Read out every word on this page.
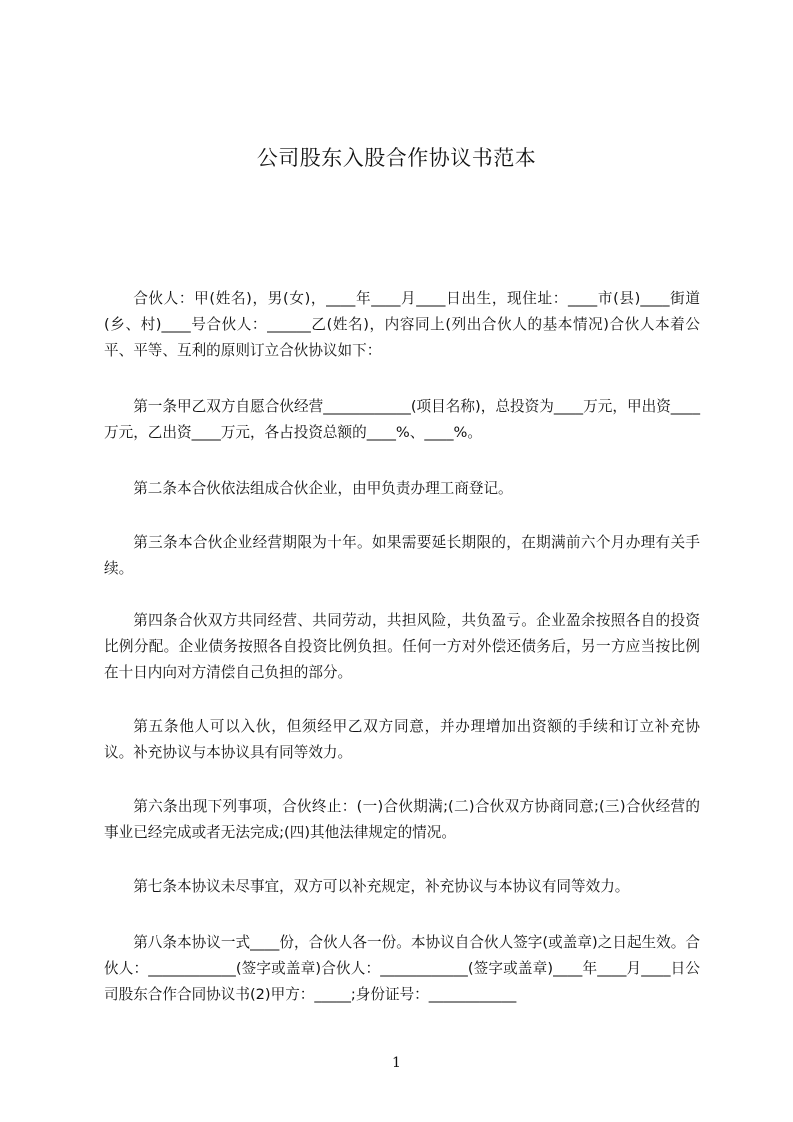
公司股东入股合作协议书范本

合伙人：甲(姓名)，男(女)，____年____月____日出生，现住址：____市(县)____街道(乡、村)____号合伙人：______乙(姓名)，内容同上(列出合伙人的基本情况)合伙人本着公平、平等、互利的原则订立合伙协议如下：

第一条甲乙双方自愿合伙经营____________(项目名称)，总投资为____万元，甲出资____万元，乙出资____万元，各占投资总额的____%、____%。

第二条本合伙依法组成合伙企业，由甲负责办理工商登记。

第三条本合伙企业经营期限为十年。如果需要延长期限的，在期满前六个月办理有关手续。

第四条合伙双方共同经营、共同劳动，共担风险，共负盈亏。企业盈余按照各自的投资比例分配。企业债务按照各自投资比例负担。任何一方对外偿还债务后，另一方应当按比例在十日内向对方清偿自己负担的部分。

第五条他人可以入伙，但须经甲乙双方同意，并办理增加出资额的手续和订立补充协议。补充协议与本协议具有同等效力。

第六条出现下列事项，合伙终止：(一)合伙期满;(二)合伙双方协商同意;(三)合伙经营的事业已经完成或者无法完成;(四)其他法律规定的情况。

第七条本协议未尽事宜，双方可以补充规定，补充协议与本协议有同等效力。

第八条本协议一式____份，合伙人各一份。本协议自合伙人签字(或盖章)之日起生效。合伙人：____________(签字或盖章)合伙人：____________(签字或盖章)____年____月____日公司股东合作合同协议书(2)甲方：_____;身份证号：____________

1
